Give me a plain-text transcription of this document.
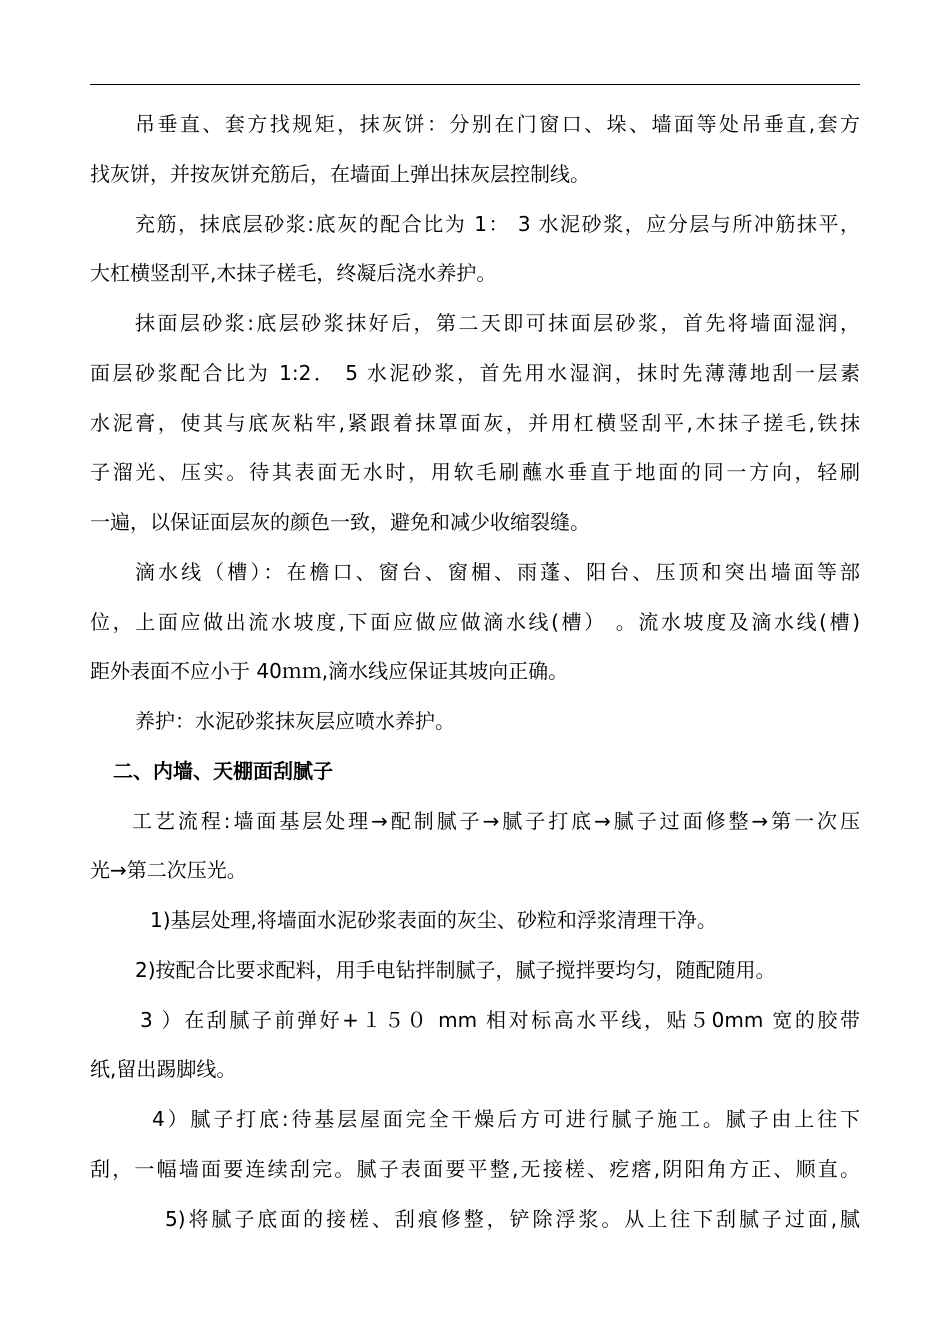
吊垂直、套方找规矩，抹灰饼：分别在门窗口、垛、墙面等处吊垂直,套方
找灰饼，并按灰饼充筋后，在墙面上弹出抹灰层控制线。
充筋，抹底层砂浆:底灰的配合比为 1： 3 水泥砂浆，应分层与所冲筋抹平，
大杠横竖刮平,木抹子槎毛，终凝后浇水养护。
抹面层砂浆:底层砂浆抹好后，第二天即可抹面层砂浆，首先将墙面湿润，
面层砂浆配合比为 1:2． 5 水泥砂浆，首先用水湿润，抹时先薄薄地刮一层素
水泥膏，使其与底灰粘牢,紧跟着抹罩面灰，并用杠横竖刮平,木抹子搓毛,铁抹
子溜光、压实。待其表面无水时，用软毛刷蘸水垂直于地面的同一方向，轻刷
一遍，以保证面层灰的颜色一致，避免和减少收缩裂缝。
滴水线（槽）：在檐口、窗台、窗楣、雨蓬、阳台、压顶和突出墙面等部
位，上面应做出流水坡度,下面应做应做滴水线(槽） 。流水坡度及滴水线(槽)
距外表面不应小于 40ｍｍ,滴水线应保证其坡向正确。
养护：水泥砂浆抹灰层应喷水养护。
二、内墙、天棚面刮腻子
工艺流程:墙面基层处理→配制腻子→腻子打底→腻子过面修整→第一次压
光→第二次压光。
1)基层处理,将墙面水泥砂浆表面的灰尘、砂粒和浮浆清理干净。
2)按配合比要求配料，用手电钻拌制腻子，腻子搅拌要均匀，随配随用。
3 ）在刮腻子前弹好+１５０ mm 相对标高水平线，贴５0mm 宽的胶带
纸,留出踢脚线。
4）腻子打底:待基层屋面完全干燥后方可进行腻子施工。腻子由上往下
刮，一幅墙面要连续刮完。腻子表面要平整,无接槎、疙瘩,阴阳角方正、顺直。
5)将腻子底面的接槎、刮痕修整，铲除浮浆。从上往下刮腻子过面,腻
